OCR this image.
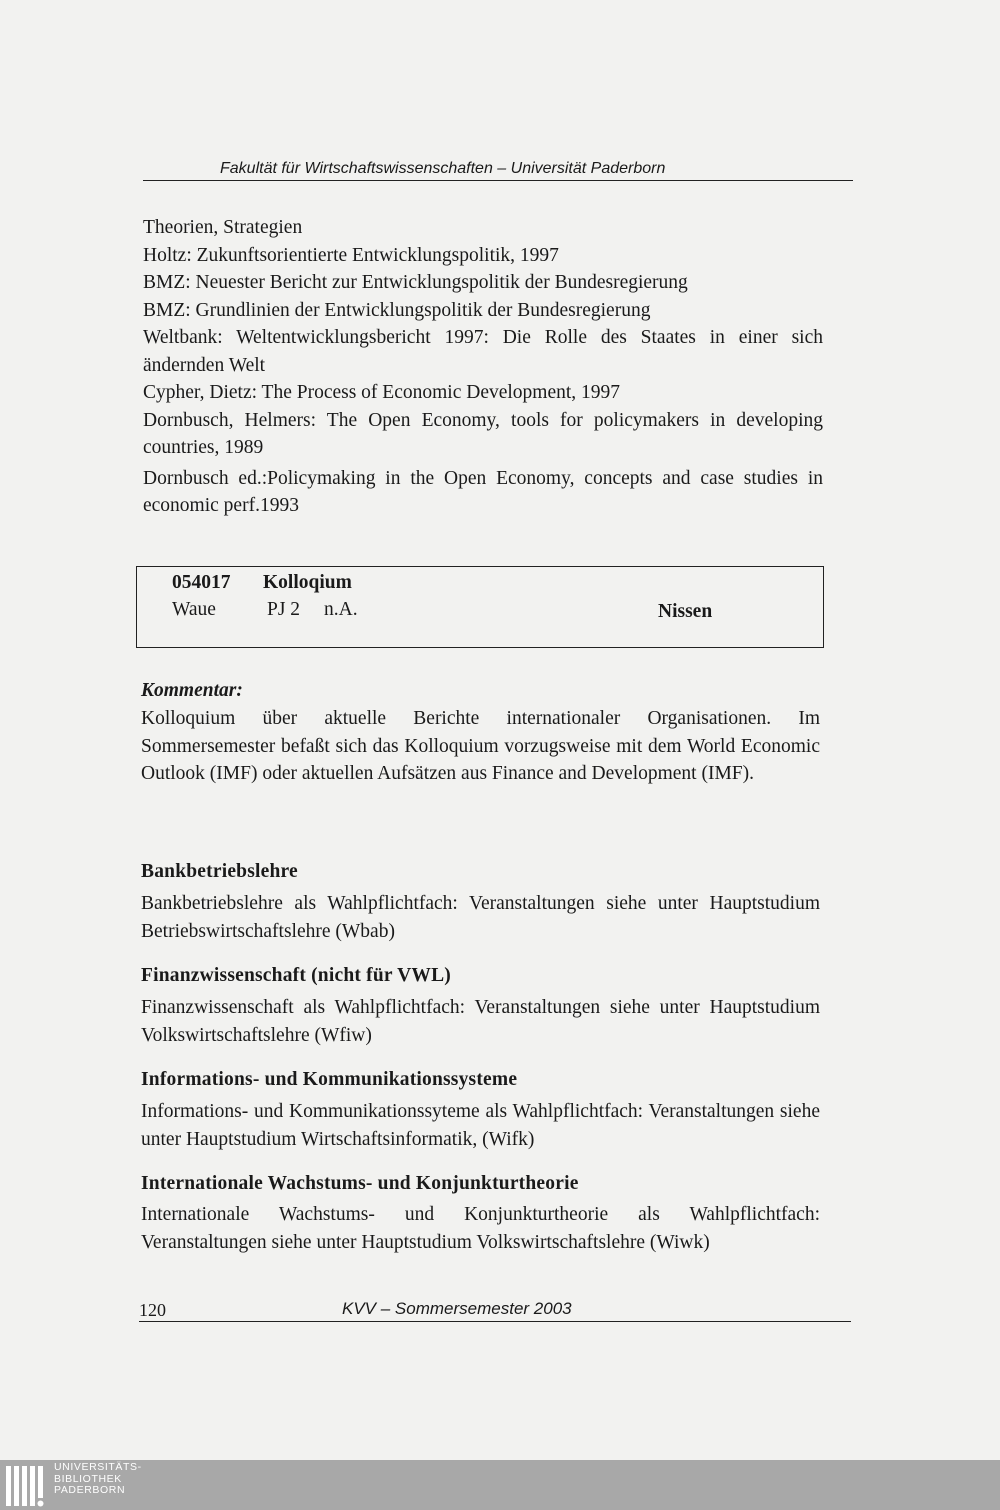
Fakultät für Wirtschaftswissenschaften – Universität Paderborn
Theorien, Strategien
Holtz: Zukunftsorientierte Entwicklungspolitik, 1997
BMZ: Neuester Bericht zur Entwicklungspolitik der Bundesregierung
BMZ: Grundlinien der Entwicklungspolitik der Bundesregierung
Weltbank: Weltentwicklungsbericht 1997: Die Rolle des Staates in einer sich ändernden Welt
Cypher, Dietz: The Process of Economic Development, 1997
Dornbusch, Helmers: The Open Economy, tools for policymakers in developing countries, 1989
Dornbusch ed.:Policymaking in the Open Economy, concepts and case studies in economic perf.1993
054017 Kolloqium
Waue	PJ 2 n.A.	Nissen
Kommentar:
Kolloquium über aktuelle Berichte internationaler Organisationen. Im Sommersemester befaßt sich das Kolloquium vorzugsweise mit dem World Economic Outlook (IMF) oder aktuellen Aufsätzen aus Finance and Development (IMF).
Bankbetriebslehre
Bankbetriebslehre als Wahlpflichtfach: Veranstaltungen siehe unter Hauptstudium Betriebswirtschaftslehre (Wbab)
Finanzwissenschaft (nicht für VWL)
Finanzwissenschaft als Wahlpflichtfach: Veranstaltungen siehe unter Hauptstudium Volkswirtschaftslehre (Wfiw)
Informations- und Kommunikationssysteme
Informations- und Kommunikationssyteme als Wahlpflichtfach: Veranstaltungen siehe unter Hauptstudium Wirtschaftsinformatik, (Wifk)
Internationale Wachstums- und Konjunkturtheorie
Internationale Wachstums- und Konjunkturtheorie als Wahlpflichtfach: Veranstaltungen siehe unter Hauptstudium Volkswirtschaftslehre (Wiwk)
120	KVV – Sommersemester 2003
UNIVERSITÄTS-
BIBLIOTHEK
PADERBORN
